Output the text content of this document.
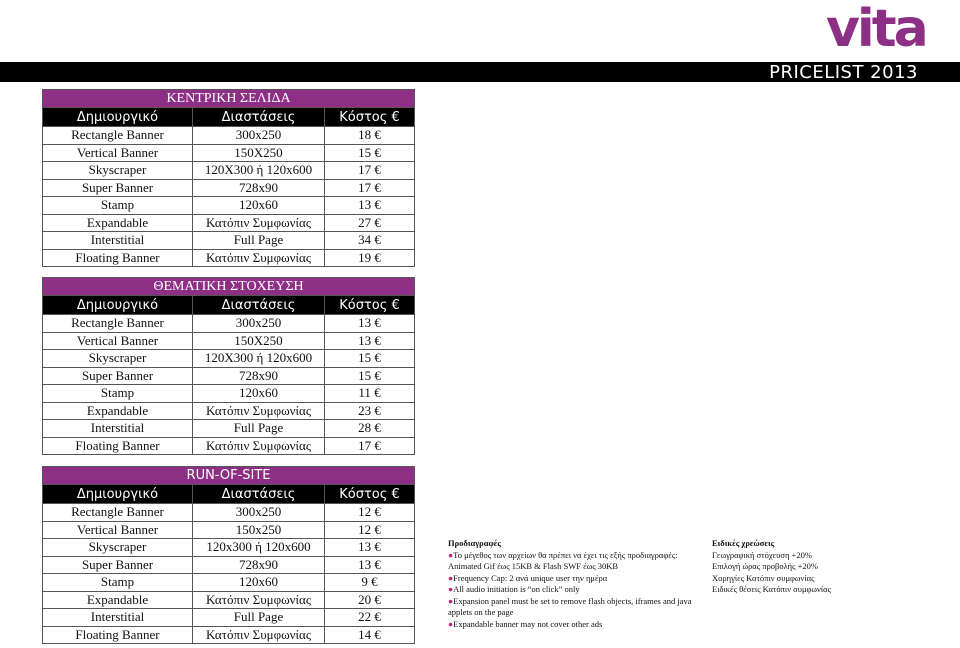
vita
PRICELIST 2013
ΚΕΝΤΡΙΚΗ ΣΕΛΙΔΑ		
Δημιουργικό	Διαστάσεις	Κόστος €
Rectangle Banner	300x250	18 €
Vertical Banner	150X250	15 €
Skyscraper	120X300 ή 120x600	17 €
Super Banner	728x90	17 €
Stamp	120x60	13 €
Expandable	Κατόπιν Συμφωνίας	27 €
Interstitial	Full Page	34 €
Floating Banner	Κατόπιν Συμφωνίας	19 €
ΘΕΜΑΤΙΚΗ ΣΤΟΧΕΥΣΗ		
Δημιουργικό	Διαστάσεις	Κόστος €
Rectangle Banner	300x250	13 €
Vertical Banner	150X250	13 €
Skyscraper	120X300 ή 120x600	15 €
Super Banner	728x90	15 €
Stamp	120x60	11 €
Expandable	Κατόπιν Συμφωνίας	23 €
Interstitial	Full Page	28 €
Floating Banner	Κατόπιν Συμφωνίας	17 €
RUN-OF-SITE		
Δημιουργικό	Διαστάσεις	Κόστος €
Rectangle Banner	300x250	12 €
Vertical Banner	150x250	12 €
Skyscraper	120x300 ή 120x600	13 €
Super Banner	728x90	13 €
Stamp	120x60	9 €
Expandable	Κατόπιν Συμφωνίας	20 €
Interstitial	Full Page	22 €
Floating Banner	Κατόπιν Συμφωνίας	14 €
Προδιαγραφές
●Το μέγεθος των αρχείων θα πρέπει να έχει τις εξής προδιαγραφές: Animated Gif έως 15KB & Flash SWF έως 30KB
●Frequency Cap: 2 ανά unique user την ημέρα
●All audio initiation is “on click” only
●Expansion panel must be set to remove flash objects, iframes and java applets on the page
●Expandable banner may not cover other ads
Ειδικές χρεώσεις
Γεωγραφική στόχευση +20%
Επιλογή ώρας προβολής +20%
Χορηγίες Κατόπιν συμφωνίας
Ειδικές θέσεις Κατόπιν συμφωνίας
